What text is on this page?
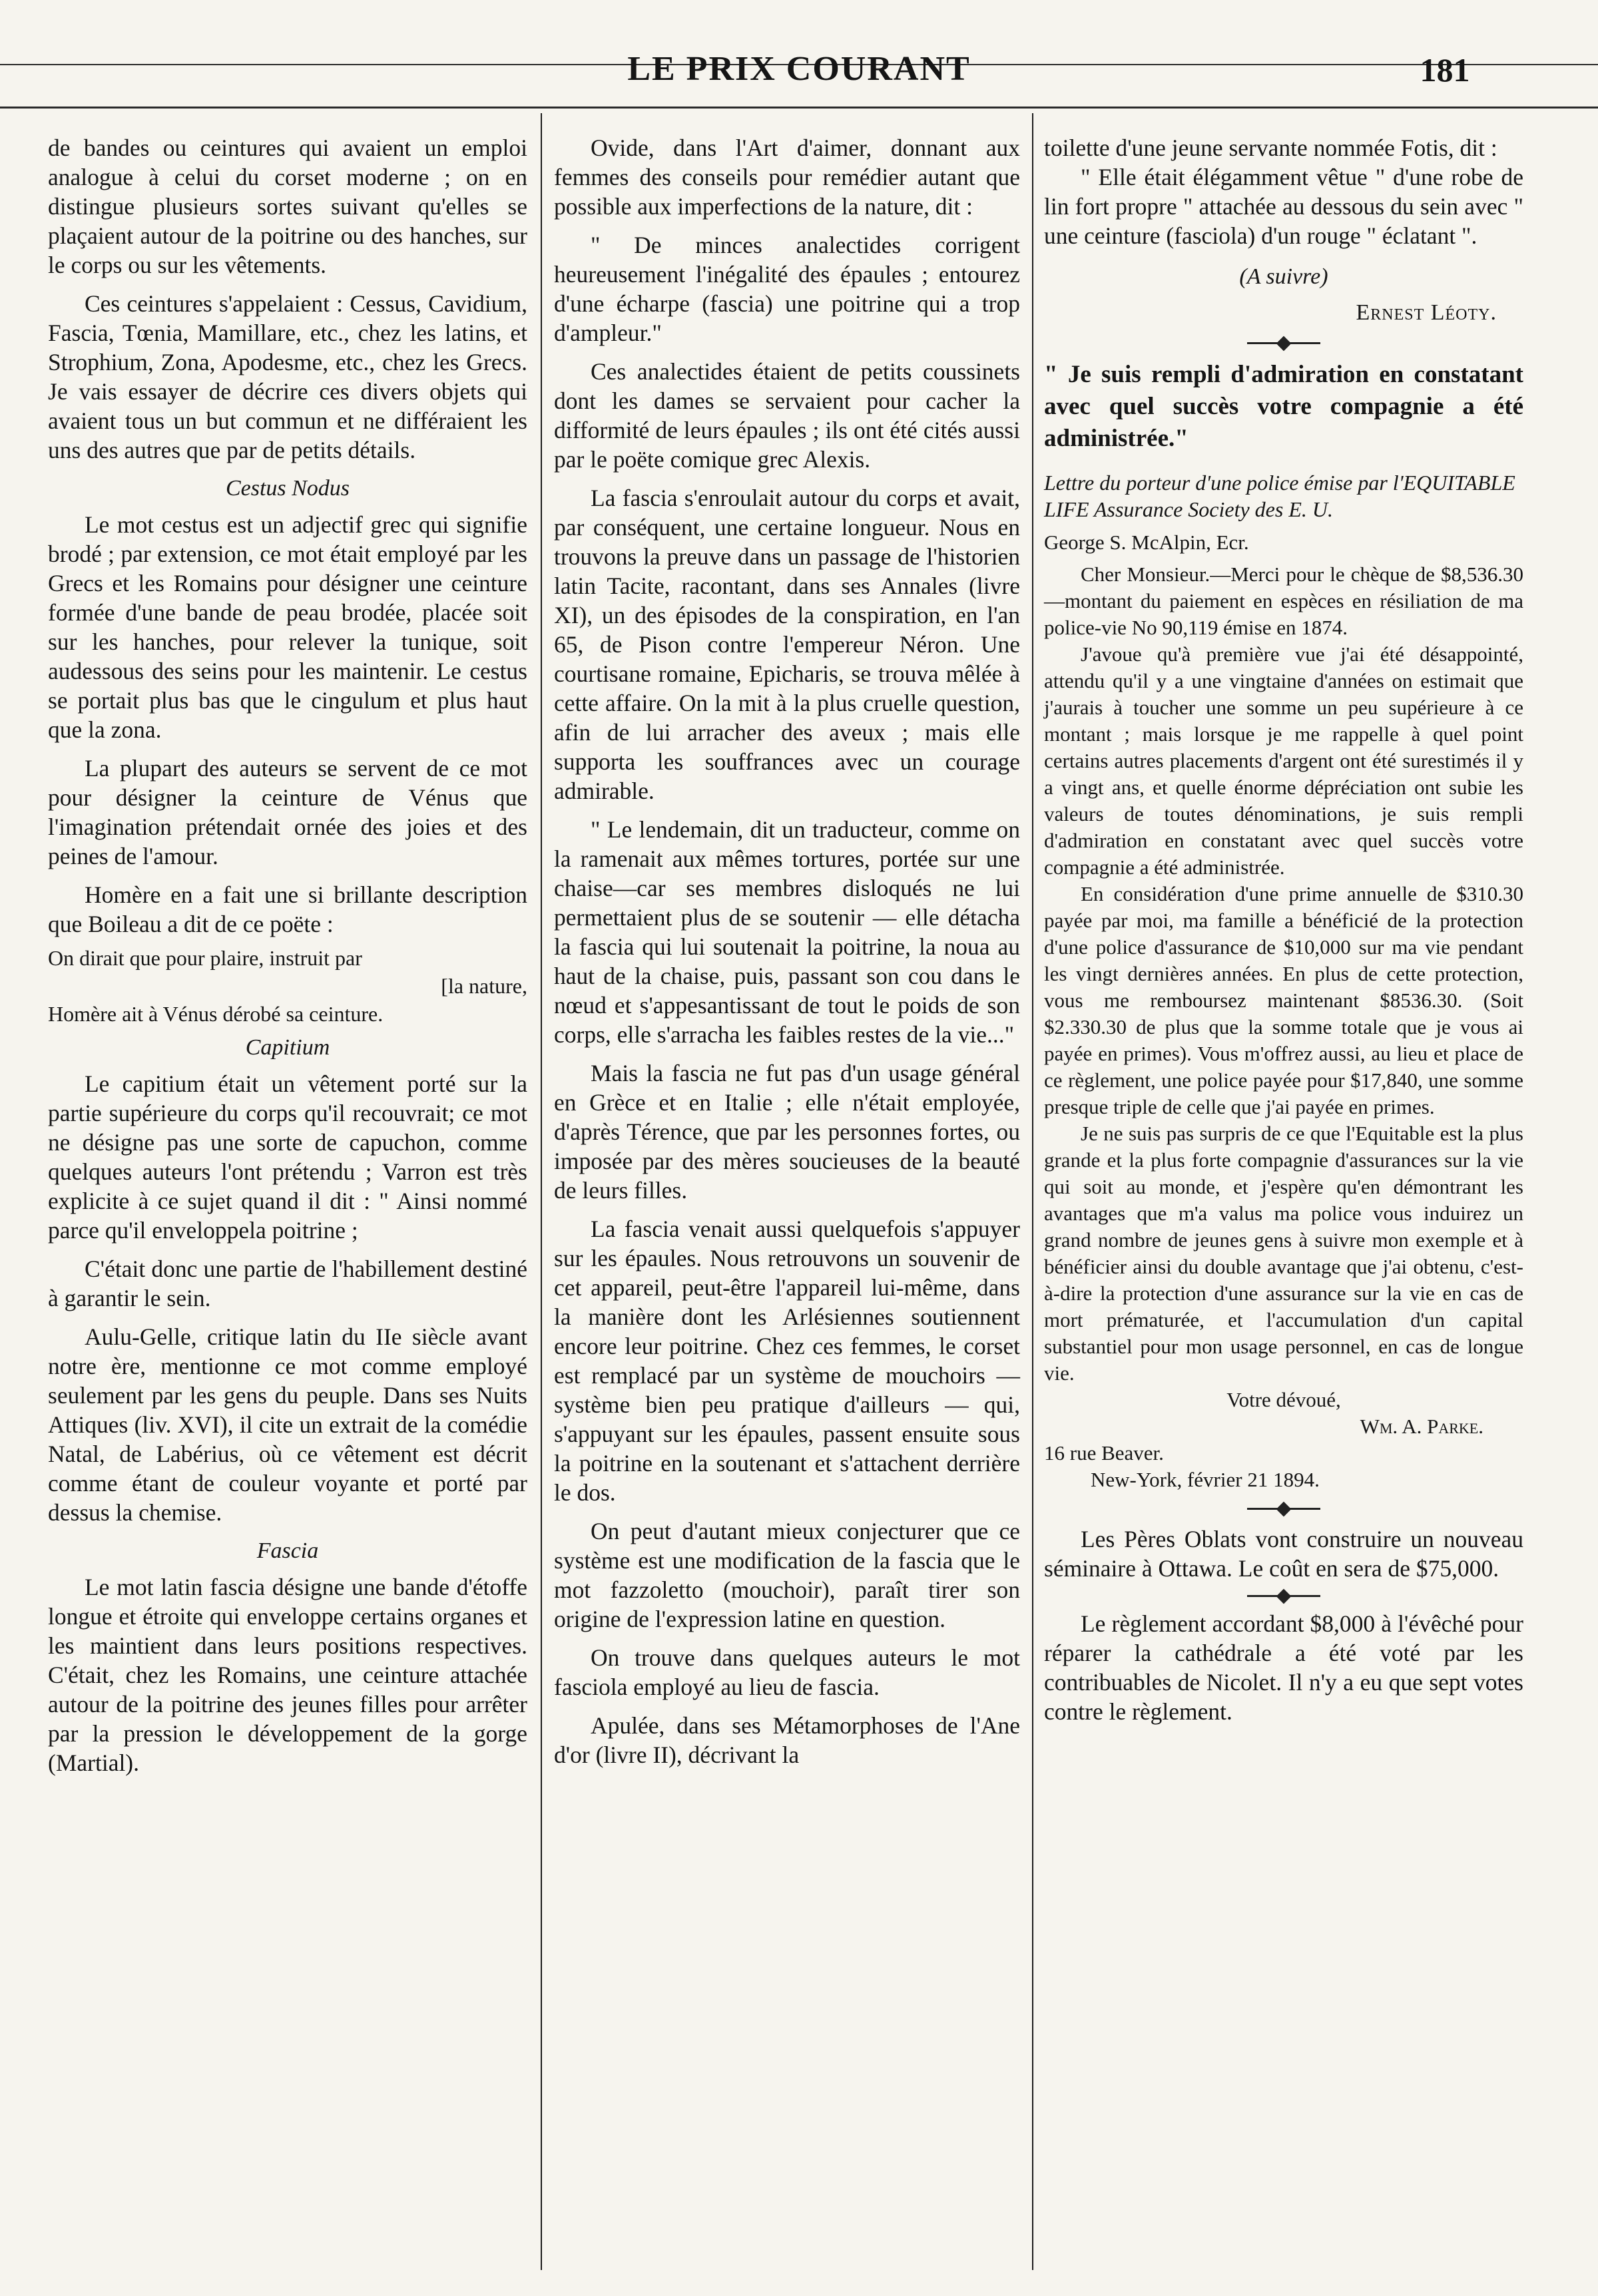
LE PRIX COURANT	181

de bandes ou ceintures qui avaient un emploi analogue à celui du corset moderne ; on en distingue plusieurs sortes suivant qu'elles se plaçaient autour de la poitrine ou des hanches, sur le corps ou sur les vêtements.

Ces ceintures s'appelaient : Cessus, Cavidium, Fascia, Tœnia, Mamillare, etc., chez les latins, et Strophium, Zona, Apodesme, etc., chez les Grecs. Je vais essayer de décrire ces divers objets qui avaient tous un but commun et ne différaient les uns des autres que par de petits détails.

Cestus Nodus

Le mot cestus est un adjectif grec qui signifie brodé ; par extension, ce mot était employé par les Grecs et les Romains pour désigner une ceinture formée d'une bande de peau brodée, placée soit sur les hanches, pour relever la tunique, soit audessous des seins pour les maintenir. Le cestus se portait plus bas que le cingulum et plus haut que la zona.

La plupart des auteurs se servent de ce mot pour désigner la ceinture de Vénus que l'imagination prétendait ornée des joies et des peines de l'amour.

Homère en a fait une si brillante description que Boileau a dit de ce poëte :

On dirait que pour plaire, instruit par
[la nature,
Homère ait à Vénus dérobé sa ceinture.
Capitium

Le capitium était un vêtement porté sur la partie supérieure du corps qu'il recouvrait; ce mot ne désigne pas une sorte de capuchon, comme quelques auteurs l'ont prétendu ; Varron est très explicite à ce sujet quand il dit : " Ainsi nommé parce qu'il enveloppela poitrine ;

C'était donc une partie de l'habillement destiné à garantir le sein.

Aulu-Gelle, critique latin du IIe siècle avant notre ère, mentionne ce mot comme employé seulement par les gens du peuple. Dans ses Nuits Attiques (liv. XVI), il cite un extrait de la comédie Natal, de Labérius, où ce vêtement est décrit comme étant de couleur voyante et porté par dessus la chemise.

Fascia

Le mot latin fascia désigne une bande d'étoffe longue et étroite qui enveloppe certains organes et les maintient dans leurs positions respectives. C'était, chez les Romains, une ceinture attachée autour de la poitrine des jeunes filles pour arrêter par la pression le développement de la gorge (Martial).

Ovide, dans l'Art d'aimer, donnant aux femmes des conseils pour remédier autant que possible aux imperfections de la nature, dit :

" De minces analectides corrigent heureusement l'inégalité des épaules ; entourez d'une écharpe (fascia) une poitrine qui a trop d'ampleur."

Ces analectides étaient de petits coussinets dont les dames se servaient pour cacher la difformité de leurs épaules ; ils ont été cités aussi par le poëte comique grec Alexis.

La fascia s'enroulait autour du corps et avait, par conséquent, une certaine longueur. Nous en trouvons la preuve dans un passage de l'historien latin Tacite, racontant, dans ses Annales (livre XI), un des épisodes de la conspiration, en l'an 65, de Pison contre l'empereur Néron. Une courtisane romaine, Epicharis, se trouva mêlée à cette affaire. On la mit à la plus cruelle question, afin de lui arracher des aveux ; mais elle supporta les souffrances avec un courage admirable.

" Le lendemain, dit un traducteur, comme on la ramenait aux mêmes tortures, portée sur une chaise—car ses membres disloqués ne lui permettaient plus de se soutenir — elle détacha la fascia qui lui soutenait la poitrine, la noua au haut de la chaise, puis, passant son cou dans le nœud et s'appesantissant de tout le poids de son corps, elle s'arracha les faibles restes de la vie..."

Mais la fascia ne fut pas d'un usage général en Grèce et en Italie ; elle n'était employée, d'après Térence, que par les personnes fortes, ou imposée par des mères soucieuses de la beauté de leurs filles.

La fascia venait aussi quelquefois s'appuyer sur les épaules. Nous retrouvons un souvenir de cet appareil, peut-être l'appareil lui-même, dans la manière dont les Arlésiennes soutiennent encore leur poitrine. Chez ces femmes, le corset est remplacé par un système de mouchoirs —système bien peu pratique d'ailleurs — qui, s'appuyant sur les épaules, passent ensuite sous la poitrine en la soutenant et s'attachent derrière le dos.

On peut d'autant mieux conjecturer que ce système est une modification de la fascia que le mot fazzoletto (mouchoir), paraît tirer son origine de l'expression latine en question.

On trouve dans quelques auteurs le mot fasciola employé au lieu de fascia.

Apulée, dans ses Métamorphoses de l'Ane d'or (livre II), décrivant la

toilette d'une jeune servante nommée Fotis, dit :

" Elle était élégamment vêtue " d'une robe de lin fort propre " attachée au dessous du sein avec " une ceinture (fasciola) d'un rouge " éclatant ".

(A suivre)
Ernest Léoty.

" Je suis rempli d'admiration en constatant avec quel succès votre compagnie a été administrée."

Lettre du porteur d'une police émise par l'EQUITABLE LIFE Assurance Society des E. U.

George S. McAlpin, Ecr.

Cher Monsieur.—Merci pour le chèque de $8,536.30—montant du paiement en espèces en résiliation de ma police-vie No 90,119 émise en 1874.

J'avoue qu'à première vue j'ai été désappointé, attendu qu'il y a une vingtaine d'années on estimait que j'aurais à toucher une somme un peu supérieure à ce montant ; mais lorsque je me rappelle à quel point certains autres placements d'argent ont été surestimés il y a vingt ans, et quelle énorme dépréciation ont subie les valeurs de toutes dénominations, je suis rempli d'admiration en constatant avec quel succès votre compagnie a été administrée.

En considération d'une prime annuelle de $310.30 payée par moi, ma famille a bénéficié de la protection d'une police d'assurance de $10,000 sur ma vie pendant les vingt dernières années. En plus de cette protection, vous me remboursez maintenant $8536.30. (Soit $2.330.30 de plus que la somme totale que je vous ai payée en primes). Vous m'offrez aussi, au lieu et place de ce règlement, une police payée pour $17,840, une somme presque triple de celle que j'ai payée en primes.

Je ne suis pas surpris de ce que l'Equitable est la plus grande et la plus forte compagnie d'assurances sur la vie qui soit au monde, et j'espère qu'en démontrant les avantages que m'a valus ma police vous induirez un grand nombre de jeunes gens à suivre mon exemple et à bénéficier ainsi du double avantage que j'ai obtenu, c'est-à-dire la protection d'une assurance sur la vie en cas de mort prématurée, et l'accumulation d'un capital substantiel pour mon usage personnel, en cas de longue vie.

Votre dévoué,
Wm. A. Parke.
16 rue Beaver.
New-York, février 21 1894.

Les Pères Oblats vont construire un nouveau séminaire à Ottawa. Le coût en sera de $75,000.

Le règlement accordant $8,000 à l'évêché pour réparer la cathédrale a été voté par les contribuables de Nicolet. Il n'y a eu que sept votes contre le règlement.
